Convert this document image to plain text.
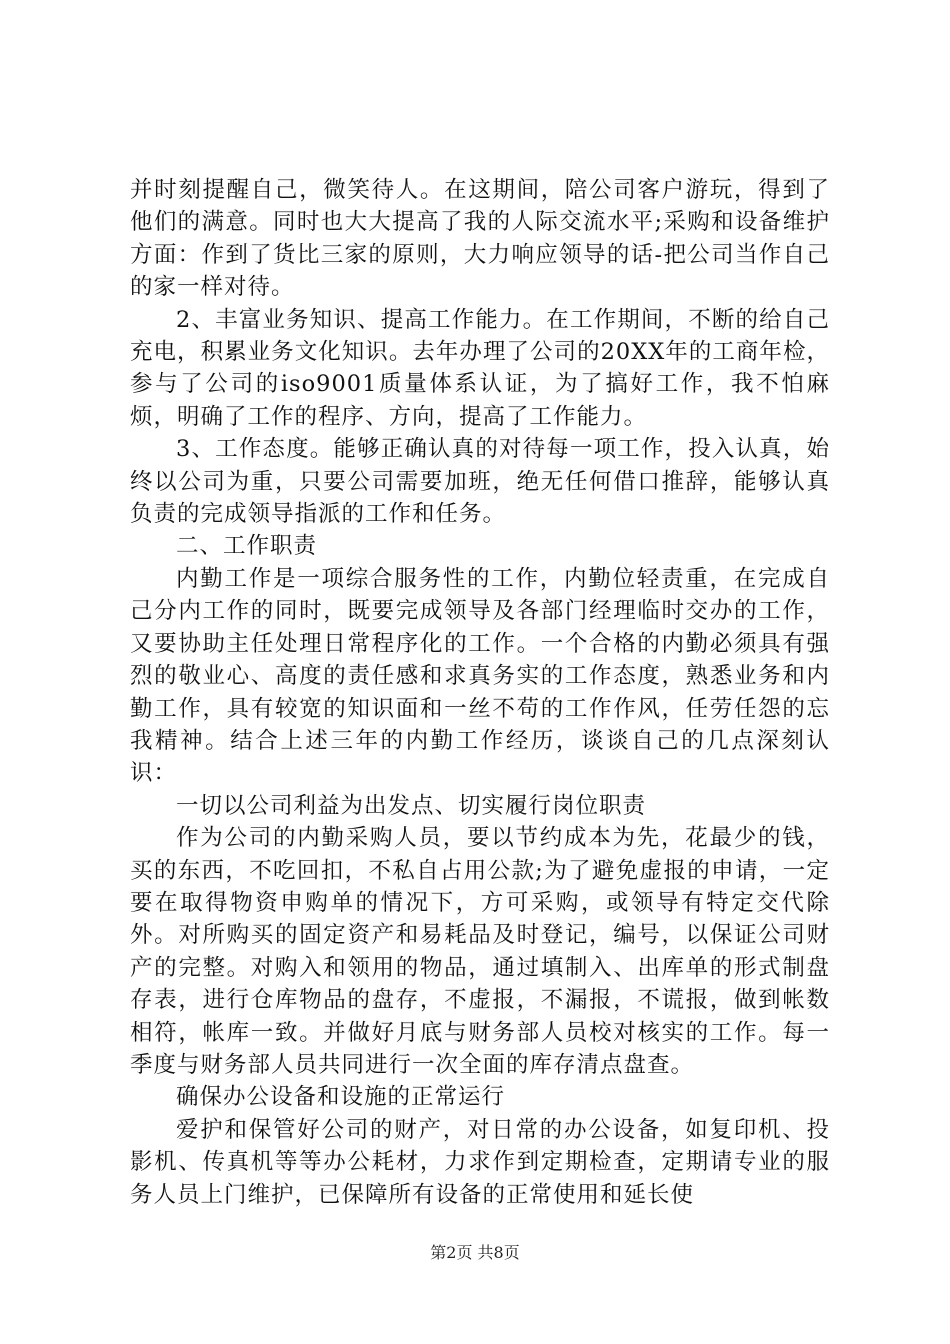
并时刻提醒自己，微笑待人。在这期间，陪公司客户游玩，得到了他们的满意。同时也大大提高了我的人际交流水平;采购和设备维护方面：作到了货比三家的原则，大力响应领导的话-把公司当作自己的家一样对待。

2、丰富业务知识、提高工作能力。在工作期间，不断的给自己充电，积累业务文化知识。去年办理了公司的20XX年的工商年检，参与了公司的iso9001质量体系认证，为了搞好工作，我不怕麻烦，明确了工作的程序、方向，提高了工作能力。

3、工作态度。能够正确认真的对待每一项工作，投入认真，始终以公司为重，只要公司需要加班，绝无任何借口推辞，能够认真负责的完成领导指派的工作和任务。

二、工作职责

内勤工作是一项综合服务性的工作，内勤位轻责重，在完成自己分内工作的同时，既要完成领导及各部门经理临时交办的工作，又要协助主任处理日常程序化的工作。一个合格的内勤必须具有强烈的敬业心、高度的责任感和求真务实的工作态度，熟悉业务和内勤工作，具有较宽的知识面和一丝不苟的工作作风，任劳任怨的忘我精神。结合上述三年的内勤工作经历，谈谈自己的几点深刻认识：

一切以公司利益为出发点、切实履行岗位职责

作为公司的内勤采购人员，要以节约成本为先，花最少的钱，买的东西，不吃回扣，不私自占用公款;为了避免虚报的申请，一定要在取得物资申购单的情况下，方可采购，或领导有特定交代除外。对所购买的固定资产和易耗品及时登记，编号，以保证公司财产的完整。对购入和领用的物品，通过填制入、出库单的形式制盘存表，进行仓库物品的盘存，不虚报，不漏报，不谎报，做到帐数相符，帐库一致。并做好月底与财务部人员校对核实的工作。每一季度与财务部人员共同进行一次全面的库存清点盘查。

确保办公设备和设施的正常运行

爱护和保管好公司的财产，对日常的办公设备，如复印机、投影机、传真机等等办公耗材，力求作到定期检查，定期请专业的服务人员上门维护，已保障所有设备的正常使用和延长使

第2页 共8页
